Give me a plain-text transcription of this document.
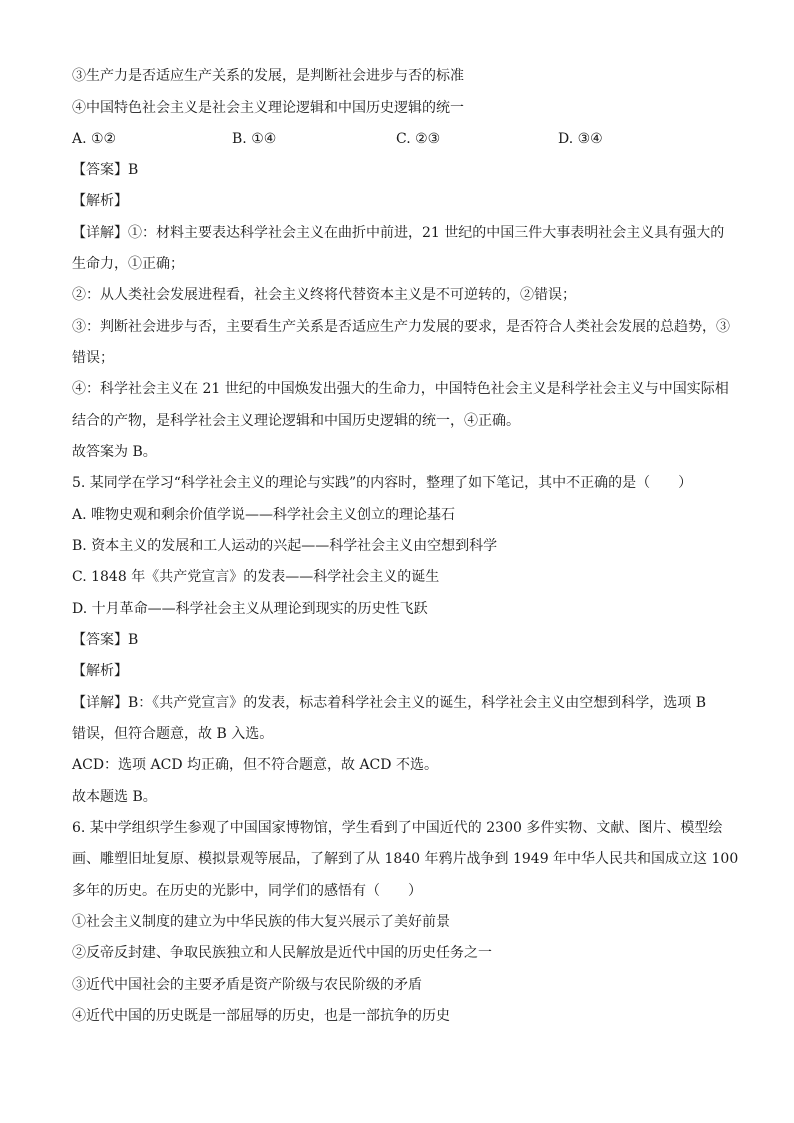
③生产力是否适应生产关系的发展，是判断社会进步与否的标准
④中国特色社会主义是社会主义理论逻辑和中国历史逻辑的统一
A. ①②	B. ①④	C. ②③	D. ③④
【答案】B
【解析】
【详解】①：材料主要表达科学社会主义在曲折中前进，21 世纪的中国三件大事表明社会主义具有强大的
生命力，①正确；
②：从人类社会发展进程看，社会主义终将代替资本主义是不可逆转的，②错误；
③：判断社会进步与否，主要看生产关系是否适应生产力发展的要求，是否符合人类社会发展的总趋势，③
错误；
④：科学社会主义在 21 世纪的中国焕发出强大的生命力，中国特色社会主义是科学社会主义与中国实际相
结合的产物，是科学社会主义理论逻辑和中国历史逻辑的统一，④正确。
故答案为 B。
5. 某同学在学习“科学社会主义的理论与实践”的内容时，整理了如下笔记，其中不正确的是（　　）
A. 唯物史观和剩余价值学说——科学社会主义创立的理论基石
B. 资本主义的发展和工人运动的兴起——科学社会主义由空想到科学
C. 1848 年《共产党宣言》的发表——科学社会主义的诞生
D. 十月革命——科学社会主义从理论到现实的历史性飞跃
【答案】B
【解析】
【详解】B：《共产党宣言》的发表，标志着科学社会主义的诞生，科学社会主义由空想到科学，选项 B
错误，但符合题意，故 B 入选。
ACD：选项 ACD 均正确，但不符合题意，故 ACD 不选。
故本题选 B。
6. 某中学组织学生参观了中国国家博物馆，学生看到了中国近代的 2300 多件实物、文献、图片、模型绘
画、雕塑旧址复原、模拟景观等展品，了解到了从 1840 年鸦片战争到 1949 年中华人民共和国成立这 100
多年的历史。在历史的光影中，同学们的感悟有（　　）
①社会主义制度的建立为中华民族的伟大复兴展示了美好前景
②反帝反封建、争取民族独立和人民解放是近代中国的历史任务之一
③近代中国社会的主要矛盾是资产阶级与农民阶级的矛盾
④近代中国的历史既是一部屈辱的历史，也是一部抗争的历史
